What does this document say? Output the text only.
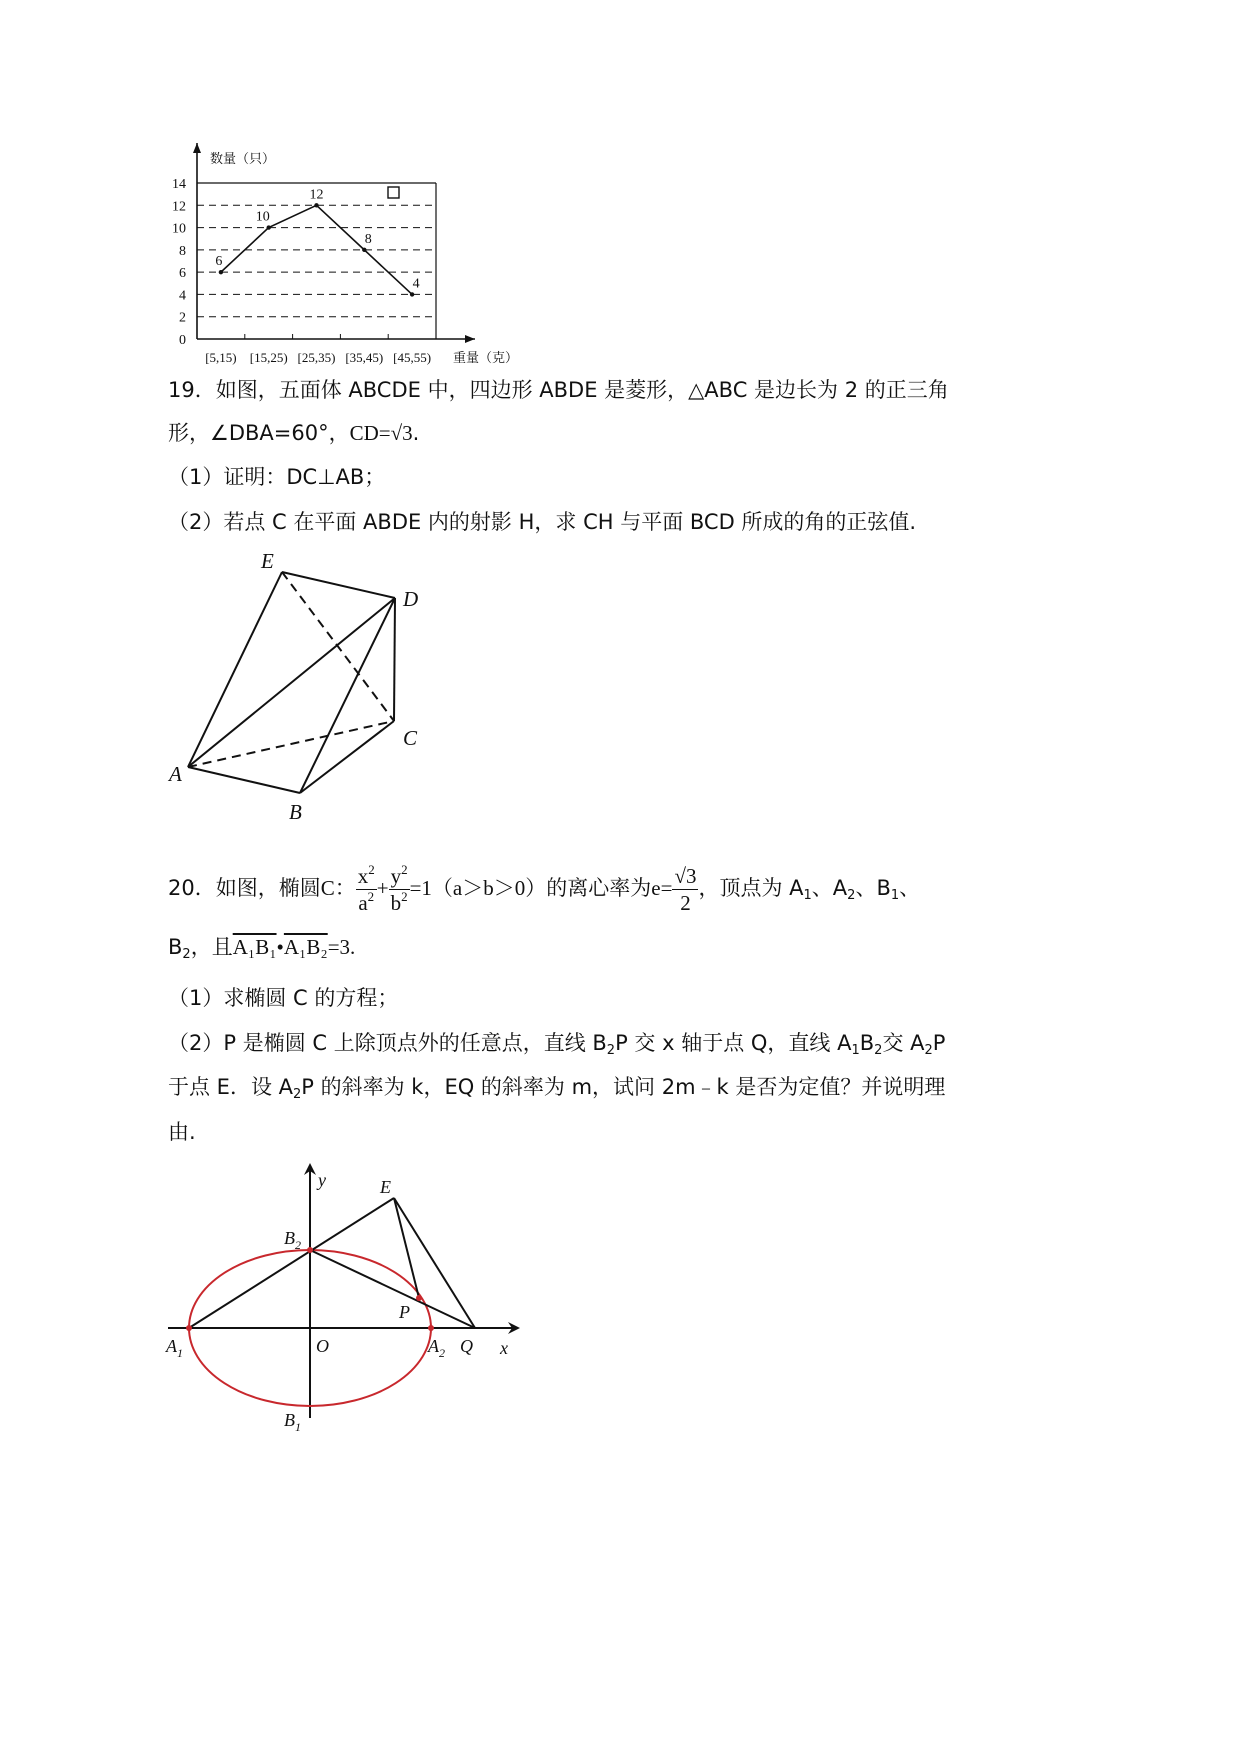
0
2
4
6
8
10
12
14
[5,15) [15,25) [25,35) [35,45) [45,55)
6
10
12
8
4
数量（只）
重量（克）
19．如图，五面体 ABCDE 中，四边形 ABDE 是菱形，△ABC 是边长为 2 的正三角
形，∠DBA=60°，CD=√3.
（1）证明：DC⊥AB；
（2）若点 C 在平面 ABDE 内的射影 H，求 CH 与平面 BCD 所成的角的正弦值.
E
D
C
A
B
20．如图，椭圆C： $\frac{x^2}{a^2} + \frac{y^2}{b^2} =1(a>b>0)$的离心率为$e= \frac{√3}{2}$ ，顶点为 $A_1$、$A_2$、$B_1$、
$B_2$，且A₁B₁•A₁B₂=3.
（1）求椭圆 C 的方程；
（2）P 是椭圆 C 上除顶点外的任意点，直线 $B_2P$ 交 x 轴于点 Q，直线 $A_1B_2$交 $A_2P$
于点 E．设 $A_2P$ 的斜率为 k，EQ 的斜率为 m，试问 2m﹣k 是否为定值？并说明理
由.
y
x
E
$B_2$
P
$A_1$	O	$A_2$ Q
$B_1$
